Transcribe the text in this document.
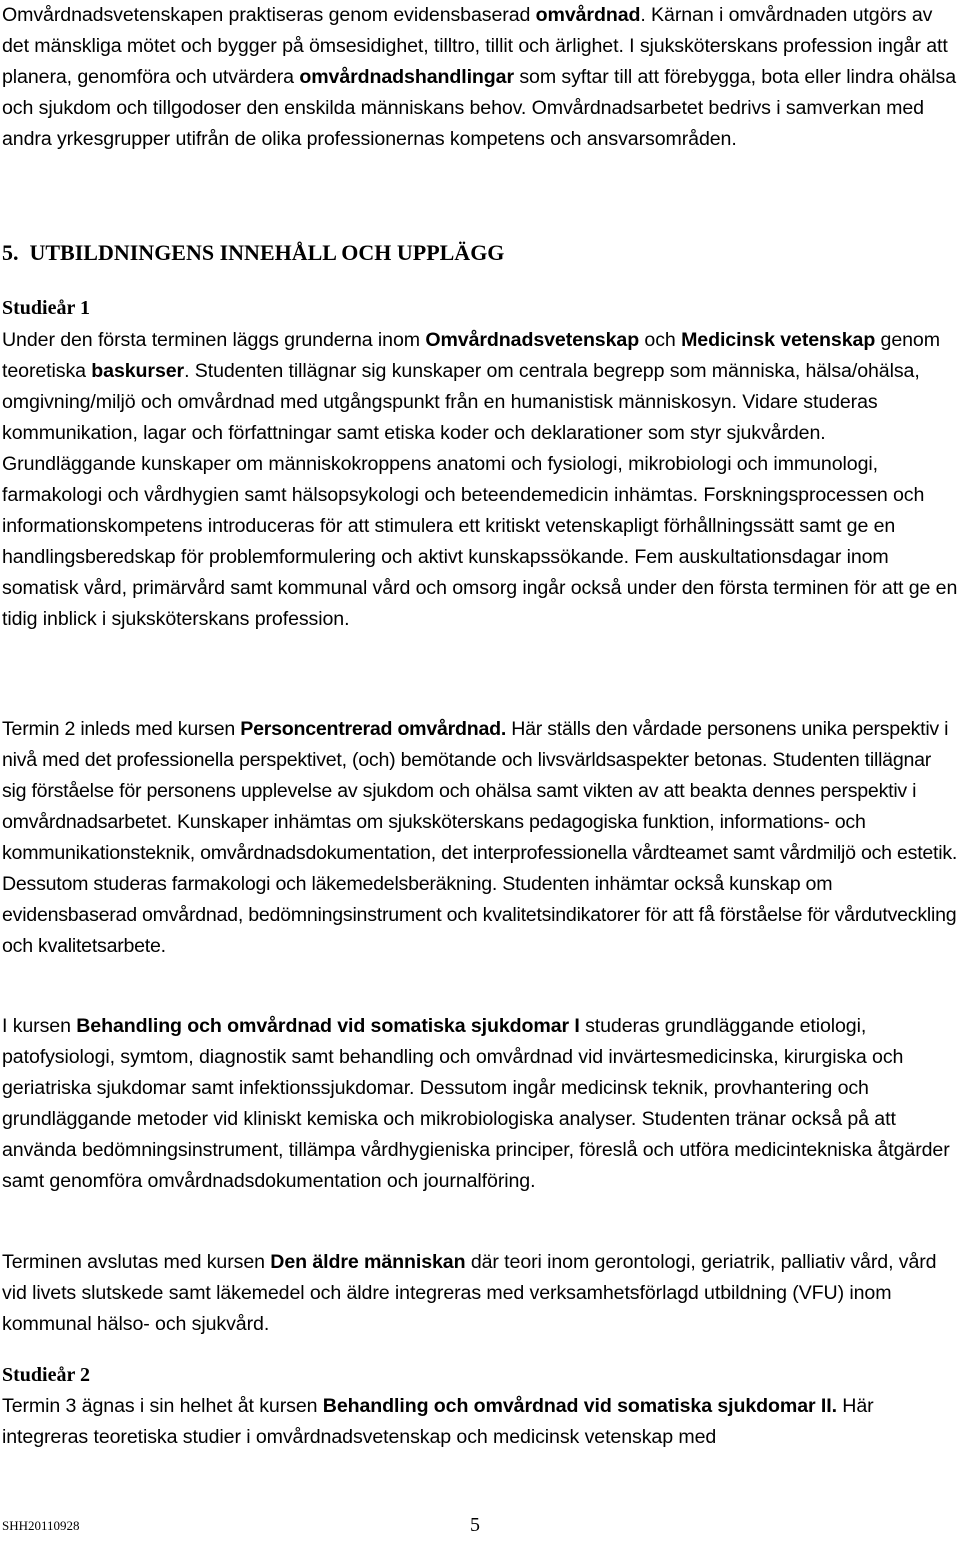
Omvårdnadsvetenskapen praktiseras genom evidensbaserad omvårdnad. Kärnan i omvårdnaden utgörs av det mänskliga mötet och bygger på ömsesidighet, tilltro, tillit och ärlighet. I sjuksköterskans profession ingår att planera, genomföra och utvärdera omvårdnadshandlingar som syftar till att förebygga, bota eller lindra ohälsa och sjukdom och tillgodoser den enskilda människans behov. Omvårdnadsarbetet bedrivs i samverkan med andra yrkesgrupper utifrån de olika professionernas kompetens och ansvarsområden.
5. UTBILDNINGENS INNEHÅLL OCH UPPLÄGG
Studieår 1
Under den första terminen läggs grunderna inom Omvårdnadsvetenskap och Medicinsk vetenskap genom teoretiska baskurser. Studenten tillägnar sig kunskaper om centrala begrepp som människa, hälsa/ohälsa, omgivning/miljö och omvårdnad med utgångspunkt från en humanistisk människosyn. Vidare studeras kommunikation, lagar och författningar samt etiska koder och deklarationer som styr sjukvården. Grundläggande kunskaper om människokroppens anatomi och fysiologi, mikrobiologi och immunologi, farmakologi och vårdhygien samt hälsopsykologi och beteendemedicin inhämtas. Forskningsprocessen och informationskompetens introduceras för att stimulera ett kritiskt vetenskapligt förhållningssätt samt ge en handlingsberedskap för problemformulering och aktivt kunskapssökande. Fem auskultationsdagar inom somatisk vård, primärvård samt kommunal vård och omsorg ingår också under den första terminen för att ge en tidig inblick i sjuksköterskans profession.
Termin 2 inleds med kursen Personcentrerad omvårdnad. Här ställs den vårdade personens unika perspektiv i nivå med det professionella perspektivet, (och) bemötande och livsvärldsaspekter betonas. Studenten tillägnar sig förståelse för personens upplevelse av sjukdom och ohälsa samt vikten av att beakta dennes perspektiv i omvårdnadsarbetet. Kunskaper inhämtas om sjuksköterskans pedagogiska funktion, informations- och kommunikationsteknik, omvårdnadsdokumentation, det interprofessionella vårdteamet samt vårdmiljö och estetik. Dessutom studeras farmakologi och läkemedelsberäkning. Studenten inhämtar också kunskap om evidensbaserad omvårdnad, bedömningsinstrument och kvalitetsindikatorer för att få förståelse för vårdutveckling och kvalitetsarbete.
I kursen Behandling och omvårdnad vid somatiska sjukdomar I studeras grundläggande etiologi, patofysiologi, symtom, diagnostik samt behandling och omvårdnad vid invärtesmedicinska, kirurgiska och geriatriska sjukdomar samt infektionssjukdomar. Dessutom ingår medicinsk teknik, provhantering och grundläggande metoder vid kliniskt kemiska och mikrobiologiska analyser. Studenten tränar också på att använda bedömningsinstrument, tillämpa vårdhygieniska principer, föreslå och utföra medicintekniska åtgärder samt genomföra omvårdnadsdokumentation och journalföring.
Terminen avslutas med kursen Den äldre människan där teori inom gerontologi, geriatrik, palliativ vård, vård vid livets slutskede samt läkemedel och äldre integreras med verksamhetsförlagd utbildning (VFU) inom kommunal hälso- och sjukvård.
Studieår 2
Termin 3 ägnas i sin helhet åt kursen Behandling och omvårdnad vid somatiska sjukdomar II. Här integreras teoretiska studier i omvårdnadsvetenskap och medicinsk vetenskap med
SHH20110928	5
